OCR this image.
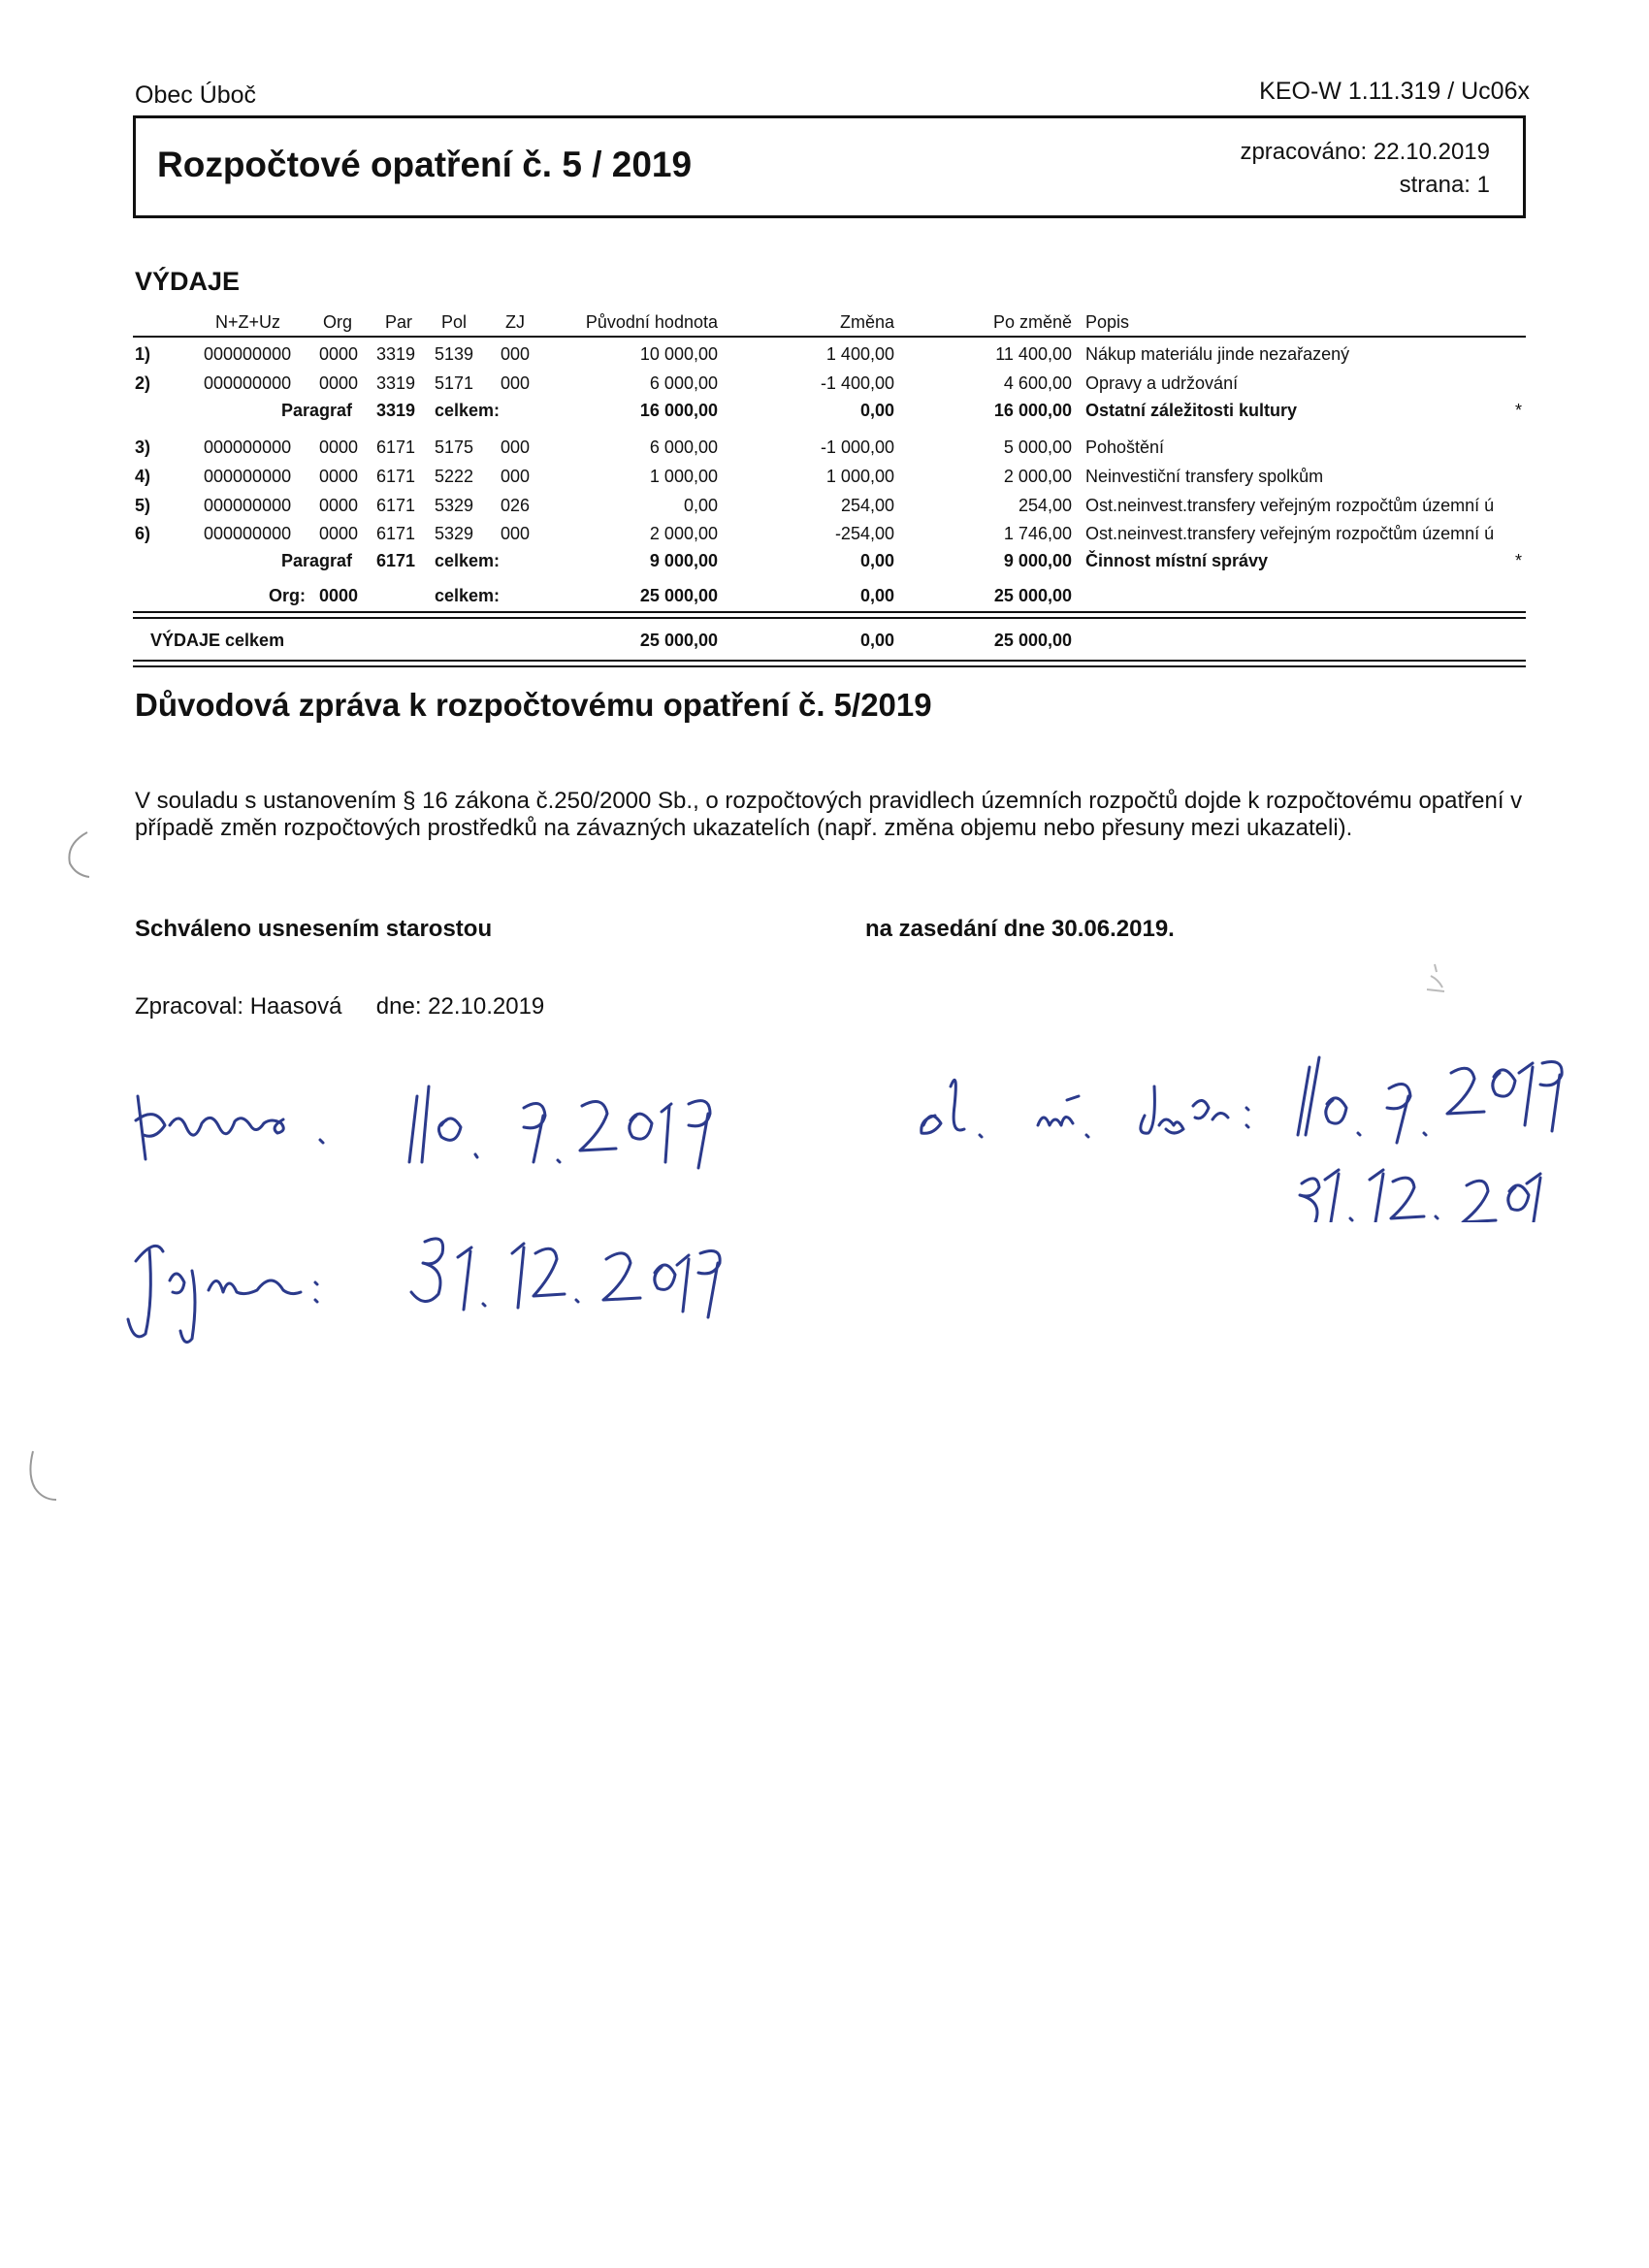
Obec Úboč	KEO-W 1.11.319 / Uc06x
Rozpočtové opatření č. 5 / 2019	zpracováno: 22.10.2019
strana: 1
VÝDAJE
N+Z+Uz Org Par Pol ZJ	Původní hodnota	Změna	Po změně Popis
1)	000000000 0000 3319 5139 000	10 000,00	1 400,00	11 400,00 Nákup materiálu jinde nezařazený
2)	000000000 0000 3319 5171 000	6 000,00	-1 400,00	4 600,00 Opravy a udržování
Paragraf 3319 celkem:	16 000,00	0,00	16 000,00 Ostatní záležitosti kultury	*
3)	000000000 0000 6171 5175 000	6 000,00	-1 000,00	5 000,00 Pohoštění
4)	000000000 0000 6171 5222 000	1 000,00	1 000,00	2 000,00 Neinvestiční transfery spolkům
5)	000000000 0000 6171 5329 026	0,00	254,00	254,00 Ost.neinvest.transfery veřejným rozpočtům územní ú
6)	000000000 0000 6171 5329 000	2 000,00	-254,00	1 746,00 Ost.neinvest.transfery veřejným rozpočtům územní ú
Paragraf 6171 celkem:	9 000,00	0,00	9 000,00 Činnost místní správy	*
Org: 0000	celkem:	25 000,00	0,00	25 000,00
VÝDAJE celkem	25 000,00	0,00	25 000,00
Důvodová zpráva k rozpočtovému opatření č. 5/2019
V souladu s ustanovením § 16 zákona č.250/2000 Sb., o rozpočtových pravidlech územních rozpočtů dojde k rozpočtovému opatření v případě změn rozpočtových prostředků na závazných ukazatelích (např. změna objemu nebo přesuny mezi ukazateli).
Schváleno usnesením starostou	na zasedání dne 30.06.2019.
Zpracoval: Haasová dne: 22.10.2019
